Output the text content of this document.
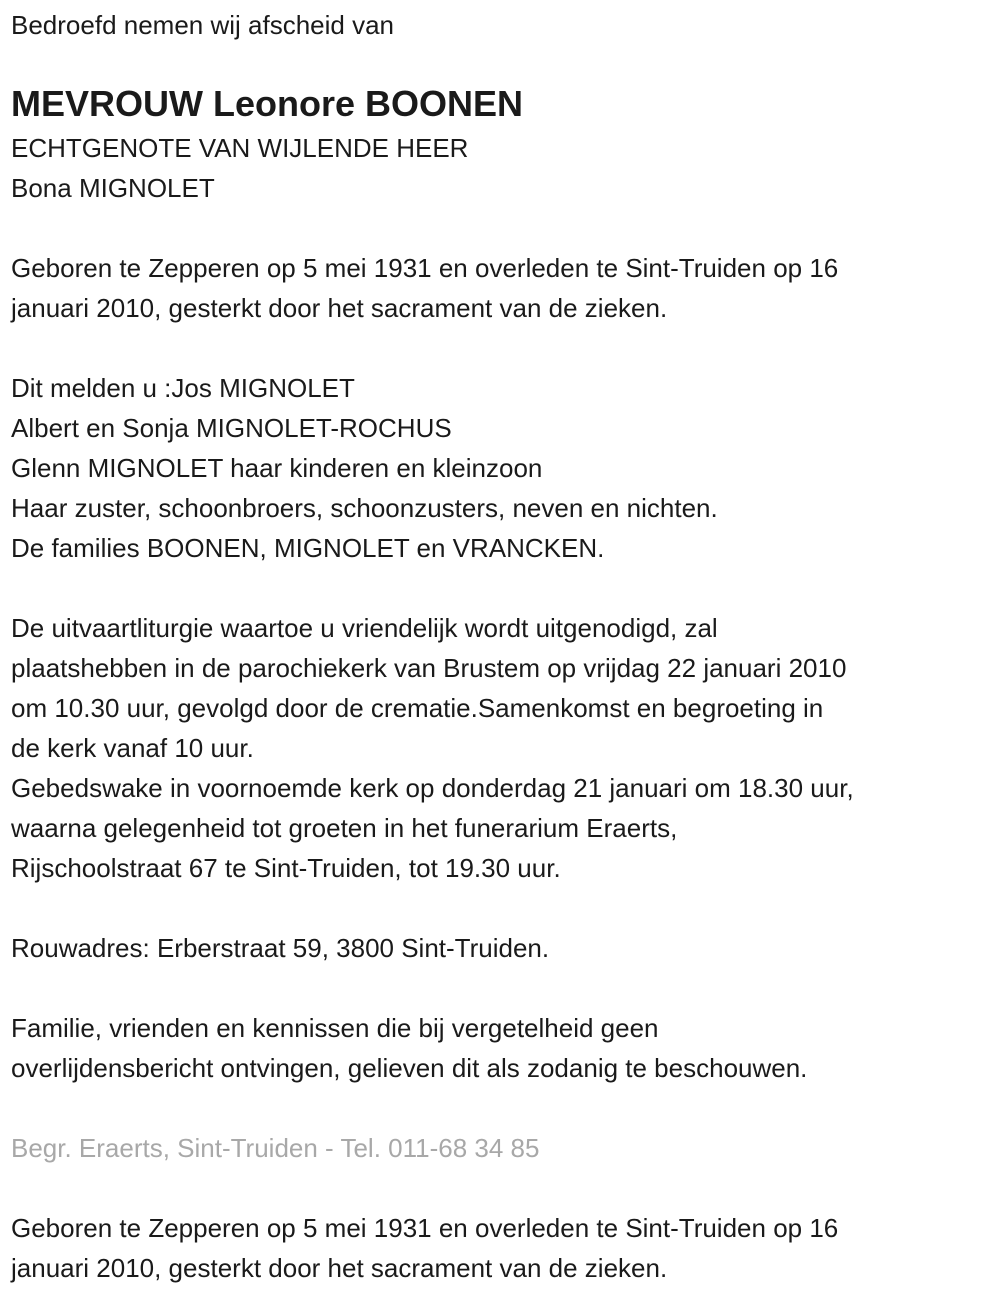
Bedroefd nemen wij afscheid van
MEVROUW Leonore BOONEN
ECHTGENOTE VAN WIJLENDE HEER
Bona MIGNOLET
Geboren te Zepperen op 5 mei 1931 en overleden te Sint-Truiden op 16
januari 2010, gesterkt door het sacrament van de zieken.
Dit melden u :Jos MIGNOLET
Albert en Sonja MIGNOLET-ROCHUS
Glenn MIGNOLET haar kinderen en kleinzoon
Haar zuster, schoonbroers, schoonzusters, neven en nichten.
De families BOONEN, MIGNOLET en VRANCKEN.
De uitvaartliturgie waartoe u vriendelijk wordt uitgenodigd, zal
plaatshebben in de parochiekerk van Brustem op vrijdag 22 januari 2010
om 10.30 uur, gevolgd door de crematie.Samenkomst en begroeting in
de kerk vanaf 10 uur.
Gebedswake in voornoemde kerk op donderdag 21 januari om 18.30 uur,
waarna gelegenheid tot groeten in het funerarium Eraerts,
Rijschoolstraat 67 te Sint-Truiden, tot 19.30 uur.
Rouwadres: Erberstraat 59, 3800 Sint-Truiden.
Familie, vrienden en kennissen die bij vergetelheid geen
overlijdensbericht ontvingen, gelieven dit als zodanig te beschouwen.
Begr. Eraerts, Sint-Truiden - Tel. 011-68 34 85
Geboren te Zepperen op 5 mei 1931 en overleden te Sint-Truiden op 16
januari 2010, gesterkt door het sacrament van de zieken.
